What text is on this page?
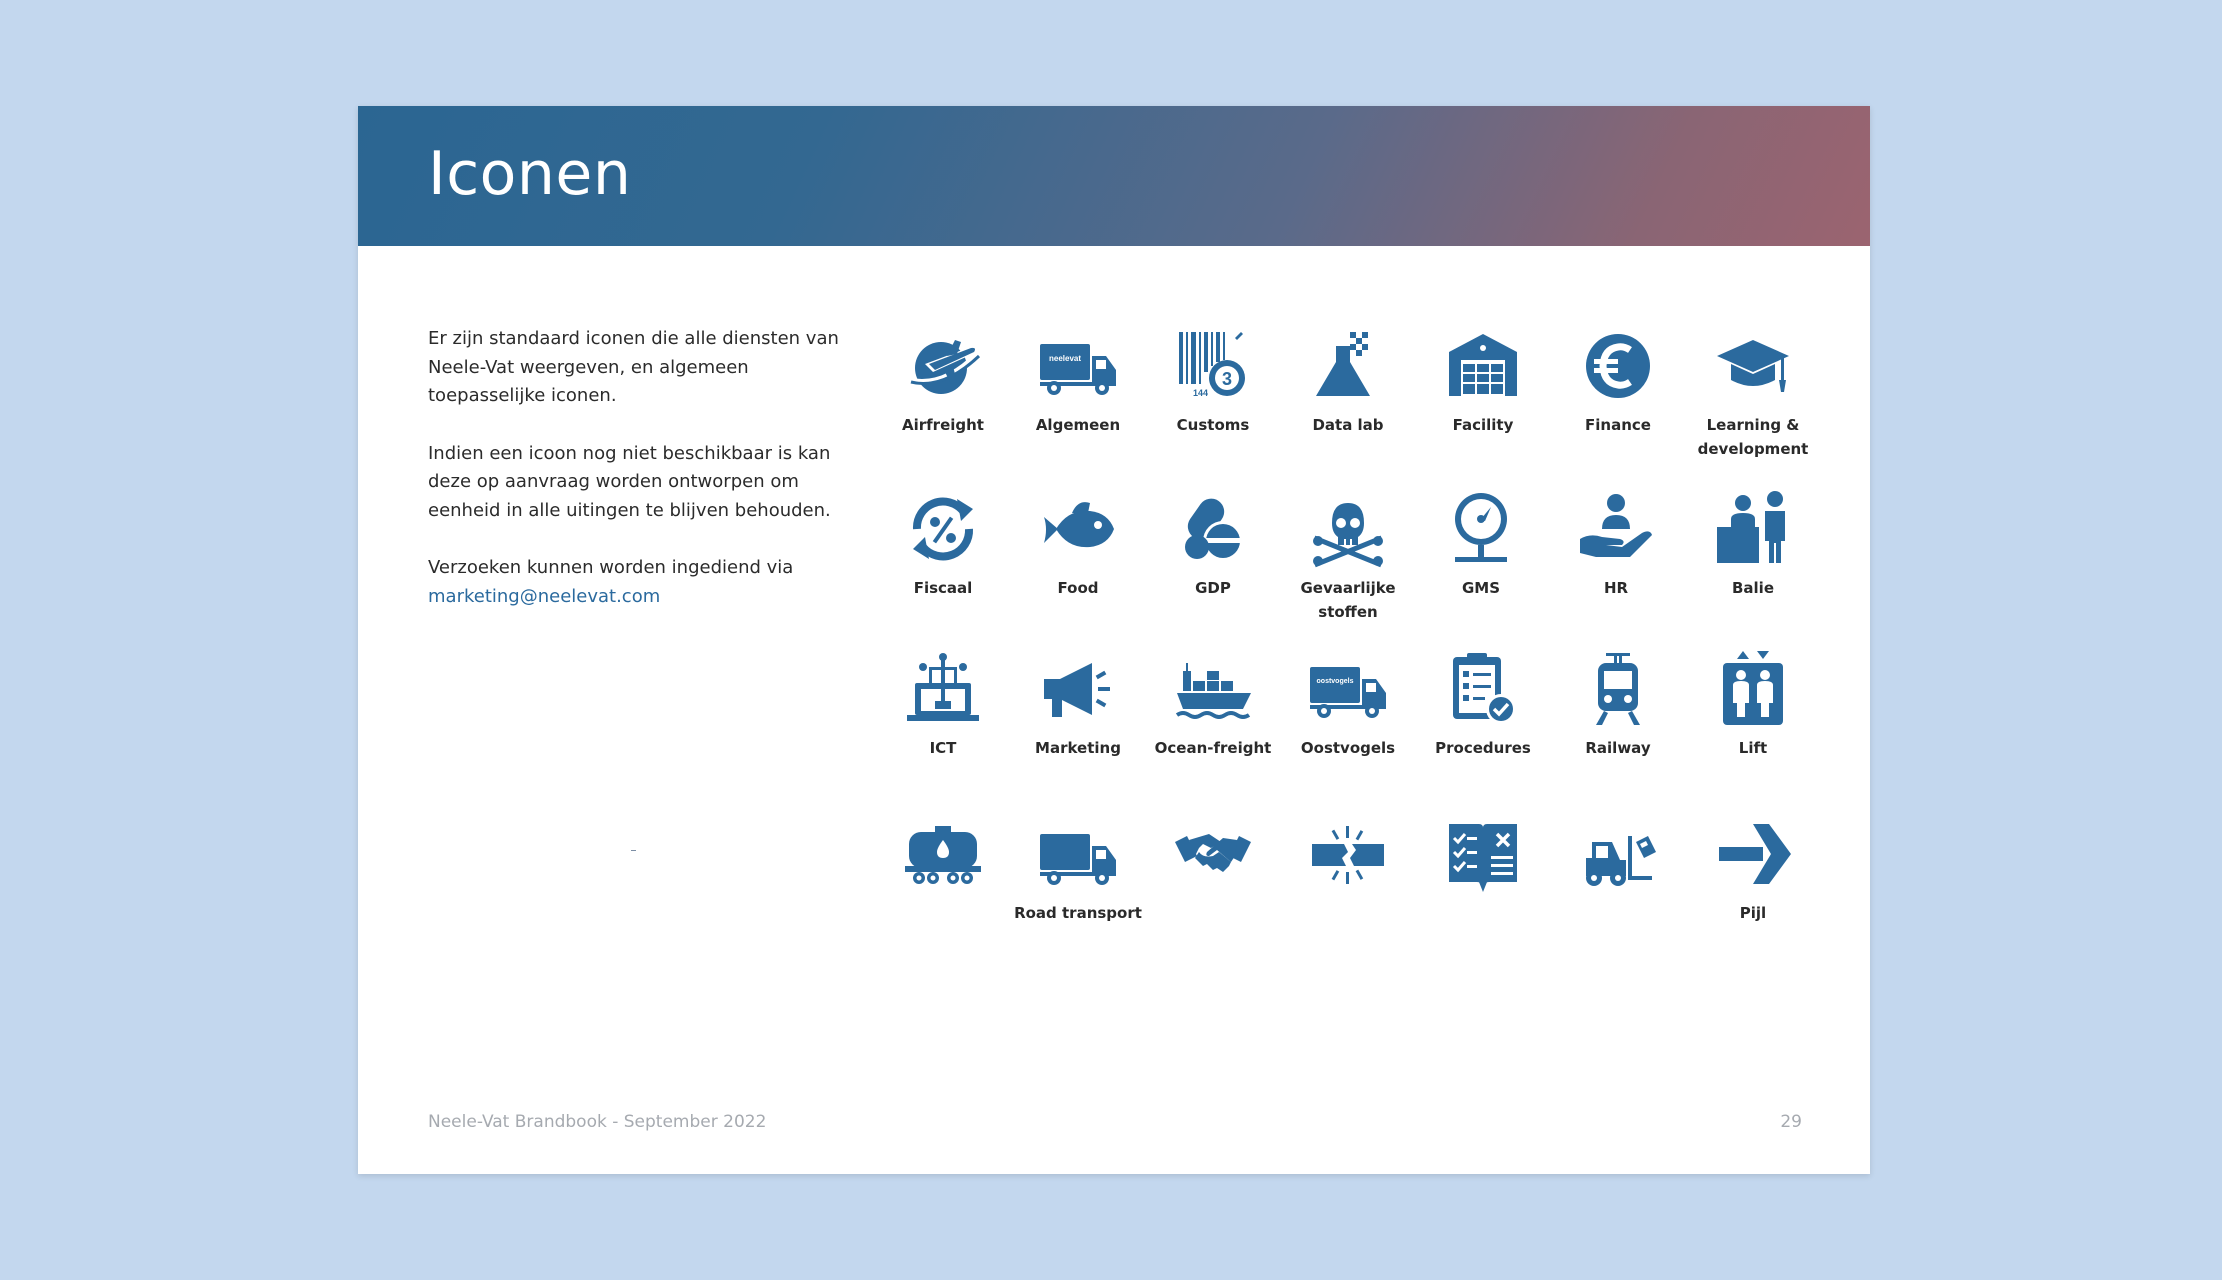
Iconen

Er zijn standaard iconen die alle diensten van Neele-Vat weergeven, en algemeen toepasselijke iconen.

Indien een icoon nog niet beschikbaar is kan deze op aanvraag worden ontworpen om eenheid in alle uitingen te blijven behouden.

Verzoeken kunnen worden ingediend via
marketing@neelevat.com

Airfreight
neelevat
Algemeen
3
144
Customs	Data lab	Facility	Finance	Learning & development
Fiscaal	Food	GDP	Gevaarlijke stoffen
GMS	HR	Balie
ICT	Marketing	Ocean-freight
oostvogels
Oostvogels	Procedures	Railway	Lift
Road transport	Pijl
Neele-Vat Brandbook - September 2022	29
